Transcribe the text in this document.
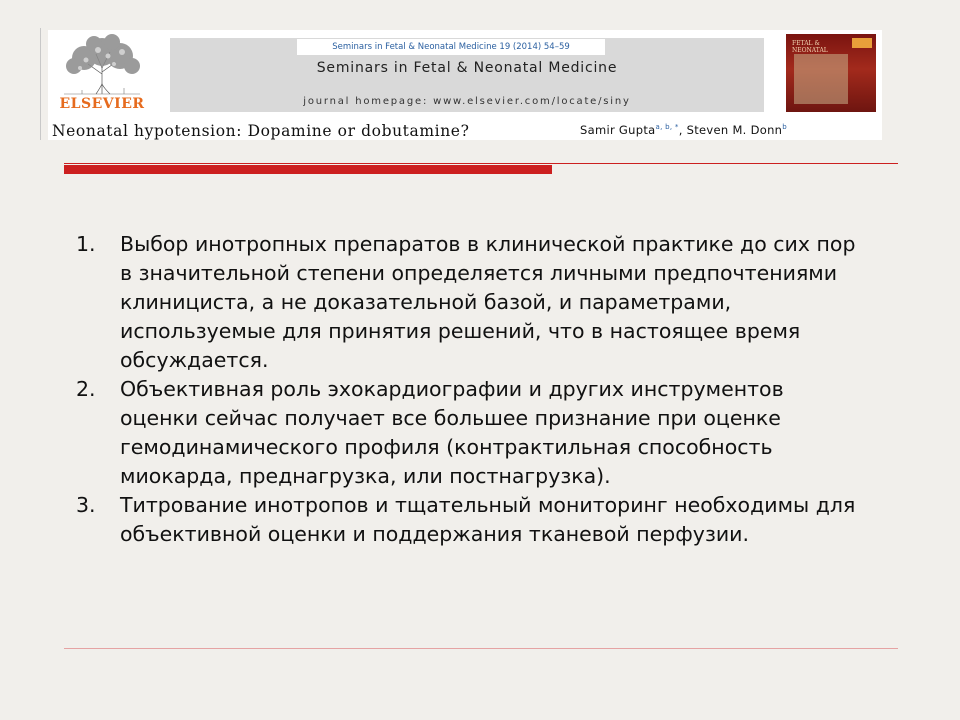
ELSEVIER
Seminars in Fetal & Neonatal Medicine 19 (2014) 54–59
Seminars in Fetal & Neonatal Medicine
journal homepage: www.elsevier.com/locate/siny
FETAL & NEONATAL
Neonatal hypotension: Dopamine or dobutamine?	Samir Gupta$^{a, b, *}$, Steven M. Donn$^b$
1.	Выбор инотропных препаратов в клинической практике до сих пор в значительной степени определяется личными предпочтениями клинициста, а не доказательной базой, и параметрами, используемые для принятия решений, что в настоящее время обсуждается.
2.	Объективная роль эхокардиографии и других инструментов оценки сейчас получает все большее признание при оценке гемодинамического профиля (контрактильная способность миокарда, преднагрузка, или постнагрузка).
3.	Титрование инотропов и тщательный мониторинг необходимы для объективной оценки и поддержания тканевой перфузии.
